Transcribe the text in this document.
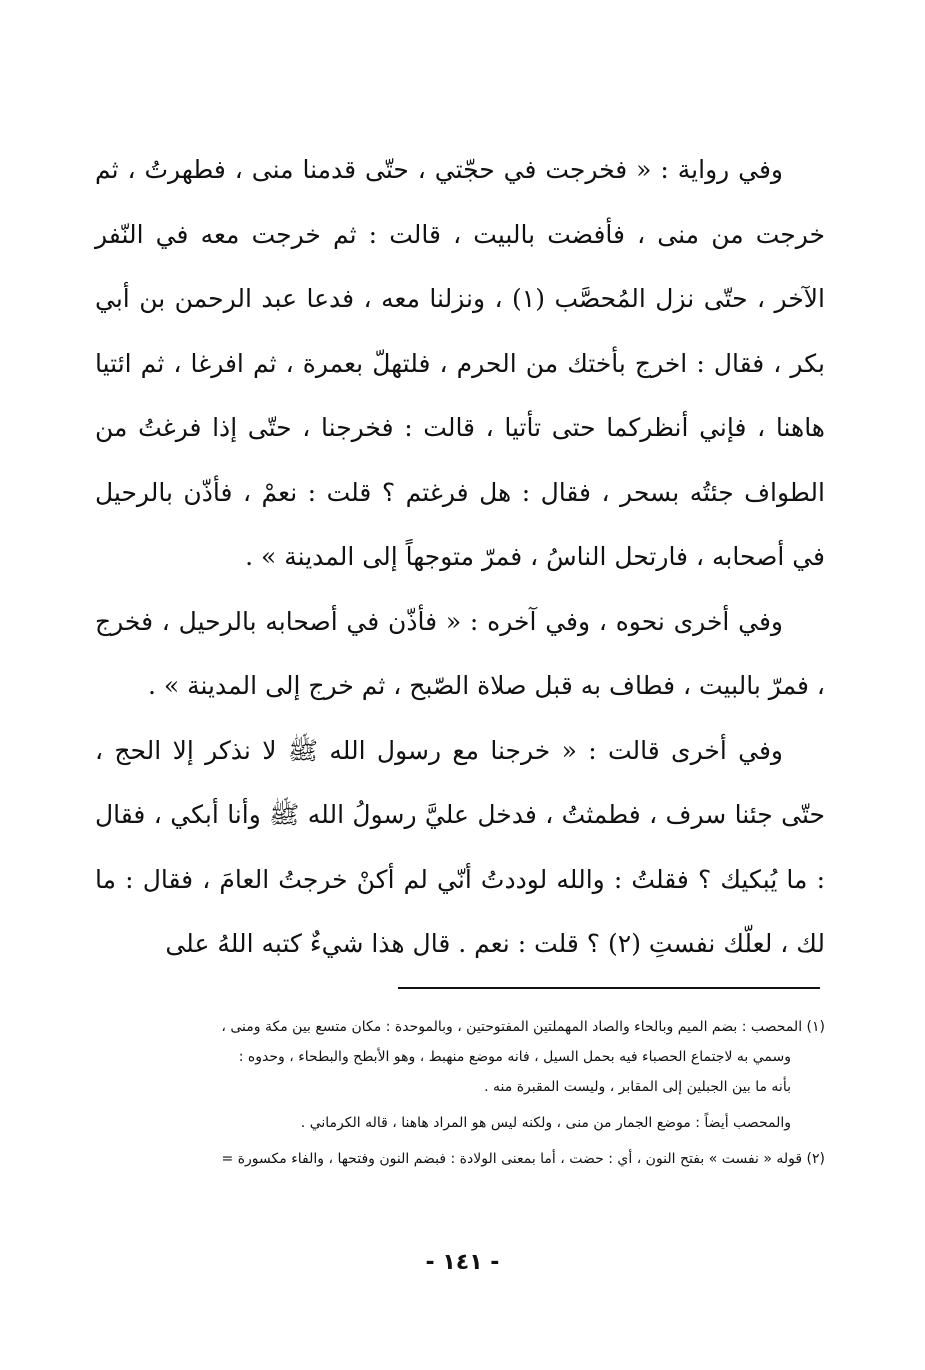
وفي رواية : « فخرجت في حجّتي ، حتّى قدمنا منى ، فطهرتُ ، ثم خرجت من منى ، فأفضت بالبيت ، قالت : ثم خرجت معه في النّفر الآخر ، حتّى نزل المُحصَّب (١) ، ونزلنا معه ، فدعا عبد الرحمن بن أبي بكر ، فقال : اخرج بأختك من الحرم ، فلتهلّ بعمرة ، ثم افرغا ، ثم ائتيا هاهنا ، فإني أنظركما حتى تأتيا ، قالت : فخرجنا ، حتّى إذا فرغتُ من الطواف جئتُه بسحر ، فقال : هل فرغتم ؟ قلت : نعمْ ، فأذّن بالرحيل في أصحابه ، فارتحل الناسُ ، فمرّ متوجهاً إلى المدينة » .

وفي أخرى نحوه ، وفي آخره : « فأذّن في أصحابه بالرحيل ، فخرج ، فمرّ بالبيت ، فطاف به قبل صلاة الصّبح ، ثم خرج إلى المدينة » .

وفي أخرى قالت : « خرجنا مع رسول الله ﷺ لا نذكر إلا الحج ، حتّى جئنا سرف ، فطمثتُ ، فدخل عليَّ رسولُ الله ﷺ وأنا أبكي ، فقال : ما يُبكيك ؟ فقلتُ : والله لوددتُ أنّي لم أكنْ خرجتُ العامَ ، فقال : ما لك ، لعلّك نفستِ (٢) ؟ قلت : نعم . قال هذا شيءٌ كتبه اللهُ على

(١) المحصب : بضم الميم وبالحاء والصاد المهملتين المفتوحتين ، وبالموحدة : مكان متسع بين مكة ومنى ،

وسمي به لاجتماع الحصباء فيه بحمل السيل ، فانه موضع منهبط ، وهو الأبطح والبطحاء ، وحدوه :

بأنه ما بين الجبلين إلى المقابر ، وليست المقبرة منه .

والمحصب أيضاً : موضع الجمار من منى ، ولكنه ليس هو المراد هاهنا ، قاله الكرماني .

(٢) قوله « نفست » بفتح النون ، أي : حضت ، أما بمعنى الولادة : فبضم النون وفتحها ، والفاء مكسورة =

- ١٤١ -
